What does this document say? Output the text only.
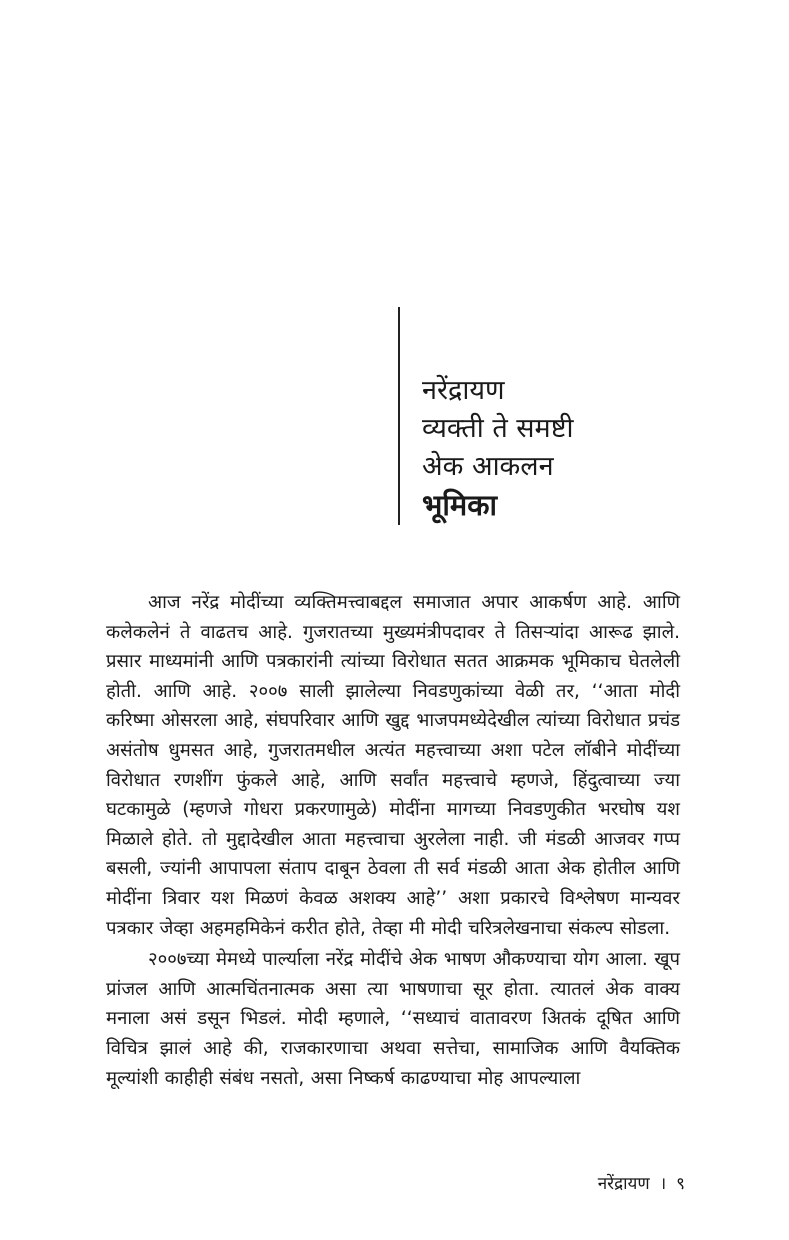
नरेंद्रायण

व्यक्ती ते समष्टी

अेक आकलन

भूमिका

आज नरेंद्र मोदींच्या व्यक्तिमत्त्वाबद्दल समाजात अपार आकर्षण आहे. आणि कलेकलेनं ते वाढतच आहे. गुजरातच्या मुख्यमंत्रीपदावर ते तिसऱ्यांदा आरूढ झाले. प्रसार माध्यमांनी आणि पत्रकारांनी त्यांच्या विरोधात सतत आक्रमक भूमिकाच घेतलेली होती. आणि आहे. २००७ साली झालेल्या निवडणुकांच्या वेळी तर, ‘‘आता मोदी करिष्मा ओसरला आहे, संघपरिवार आणि खुद्द भाजपमध्येदेखील त्यांच्या विरोधात प्रचंड असंतोष धुमसत आहे, गुजरातमधील अत्यंत महत्त्वाच्या अशा पटेल लॉबीने मोदींच्या विरोधात रणशींग फुंकले आहे, आणि सर्वांत महत्त्वाचे म्हणजे, हिंदुत्वाच्या ज्या घटकामुळे (म्हणजे गोधरा प्रकरणामुळे) मोदींना मागच्या निवडणुकीत भरघोष यश मिळाले होते. तो मुद्दादेखील आता महत्त्वाचा अुरलेला नाही. जी मंडळी आजवर गप्प बसली, ज्यांनी आपापला संताप दाबून ठेवला ती सर्व मंडळी आता अेक होतील आणि मोदींना त्रिवार यश मिळणं केवळ अशक्य आहे’’ अशा प्रकारचे विश्लेषण मान्यवर पत्रकार जेव्हा अहमहमिकेनं करीत होते, तेव्हा मी मोदी चरित्रलेखनाचा संकल्प सोडला.

२००७च्या मेमध्ये पार्ल्याला नरेंद्र मोदींचे अेक भाषण औकण्याचा योग आला. खूप प्रांजल आणि आत्मचिंतनात्मक असा त्या भाषणाचा सूर होता. त्यातलं अेक वाक्य मनाला असं डसून भिडलं. मोदी म्हणाले, ‘‘सध्याचं वातावरण अितकं दूषित आणि विचित्र झालं आहे की, राजकारणाचा अथवा सत्तेचा, सामाजिक आणि वैयक्तिक मूल्यांशी काहीही संबंध नसतो, असा निष्कर्ष काढण्याचा मोह आपल्याला

नरेंद्रायण । ९
